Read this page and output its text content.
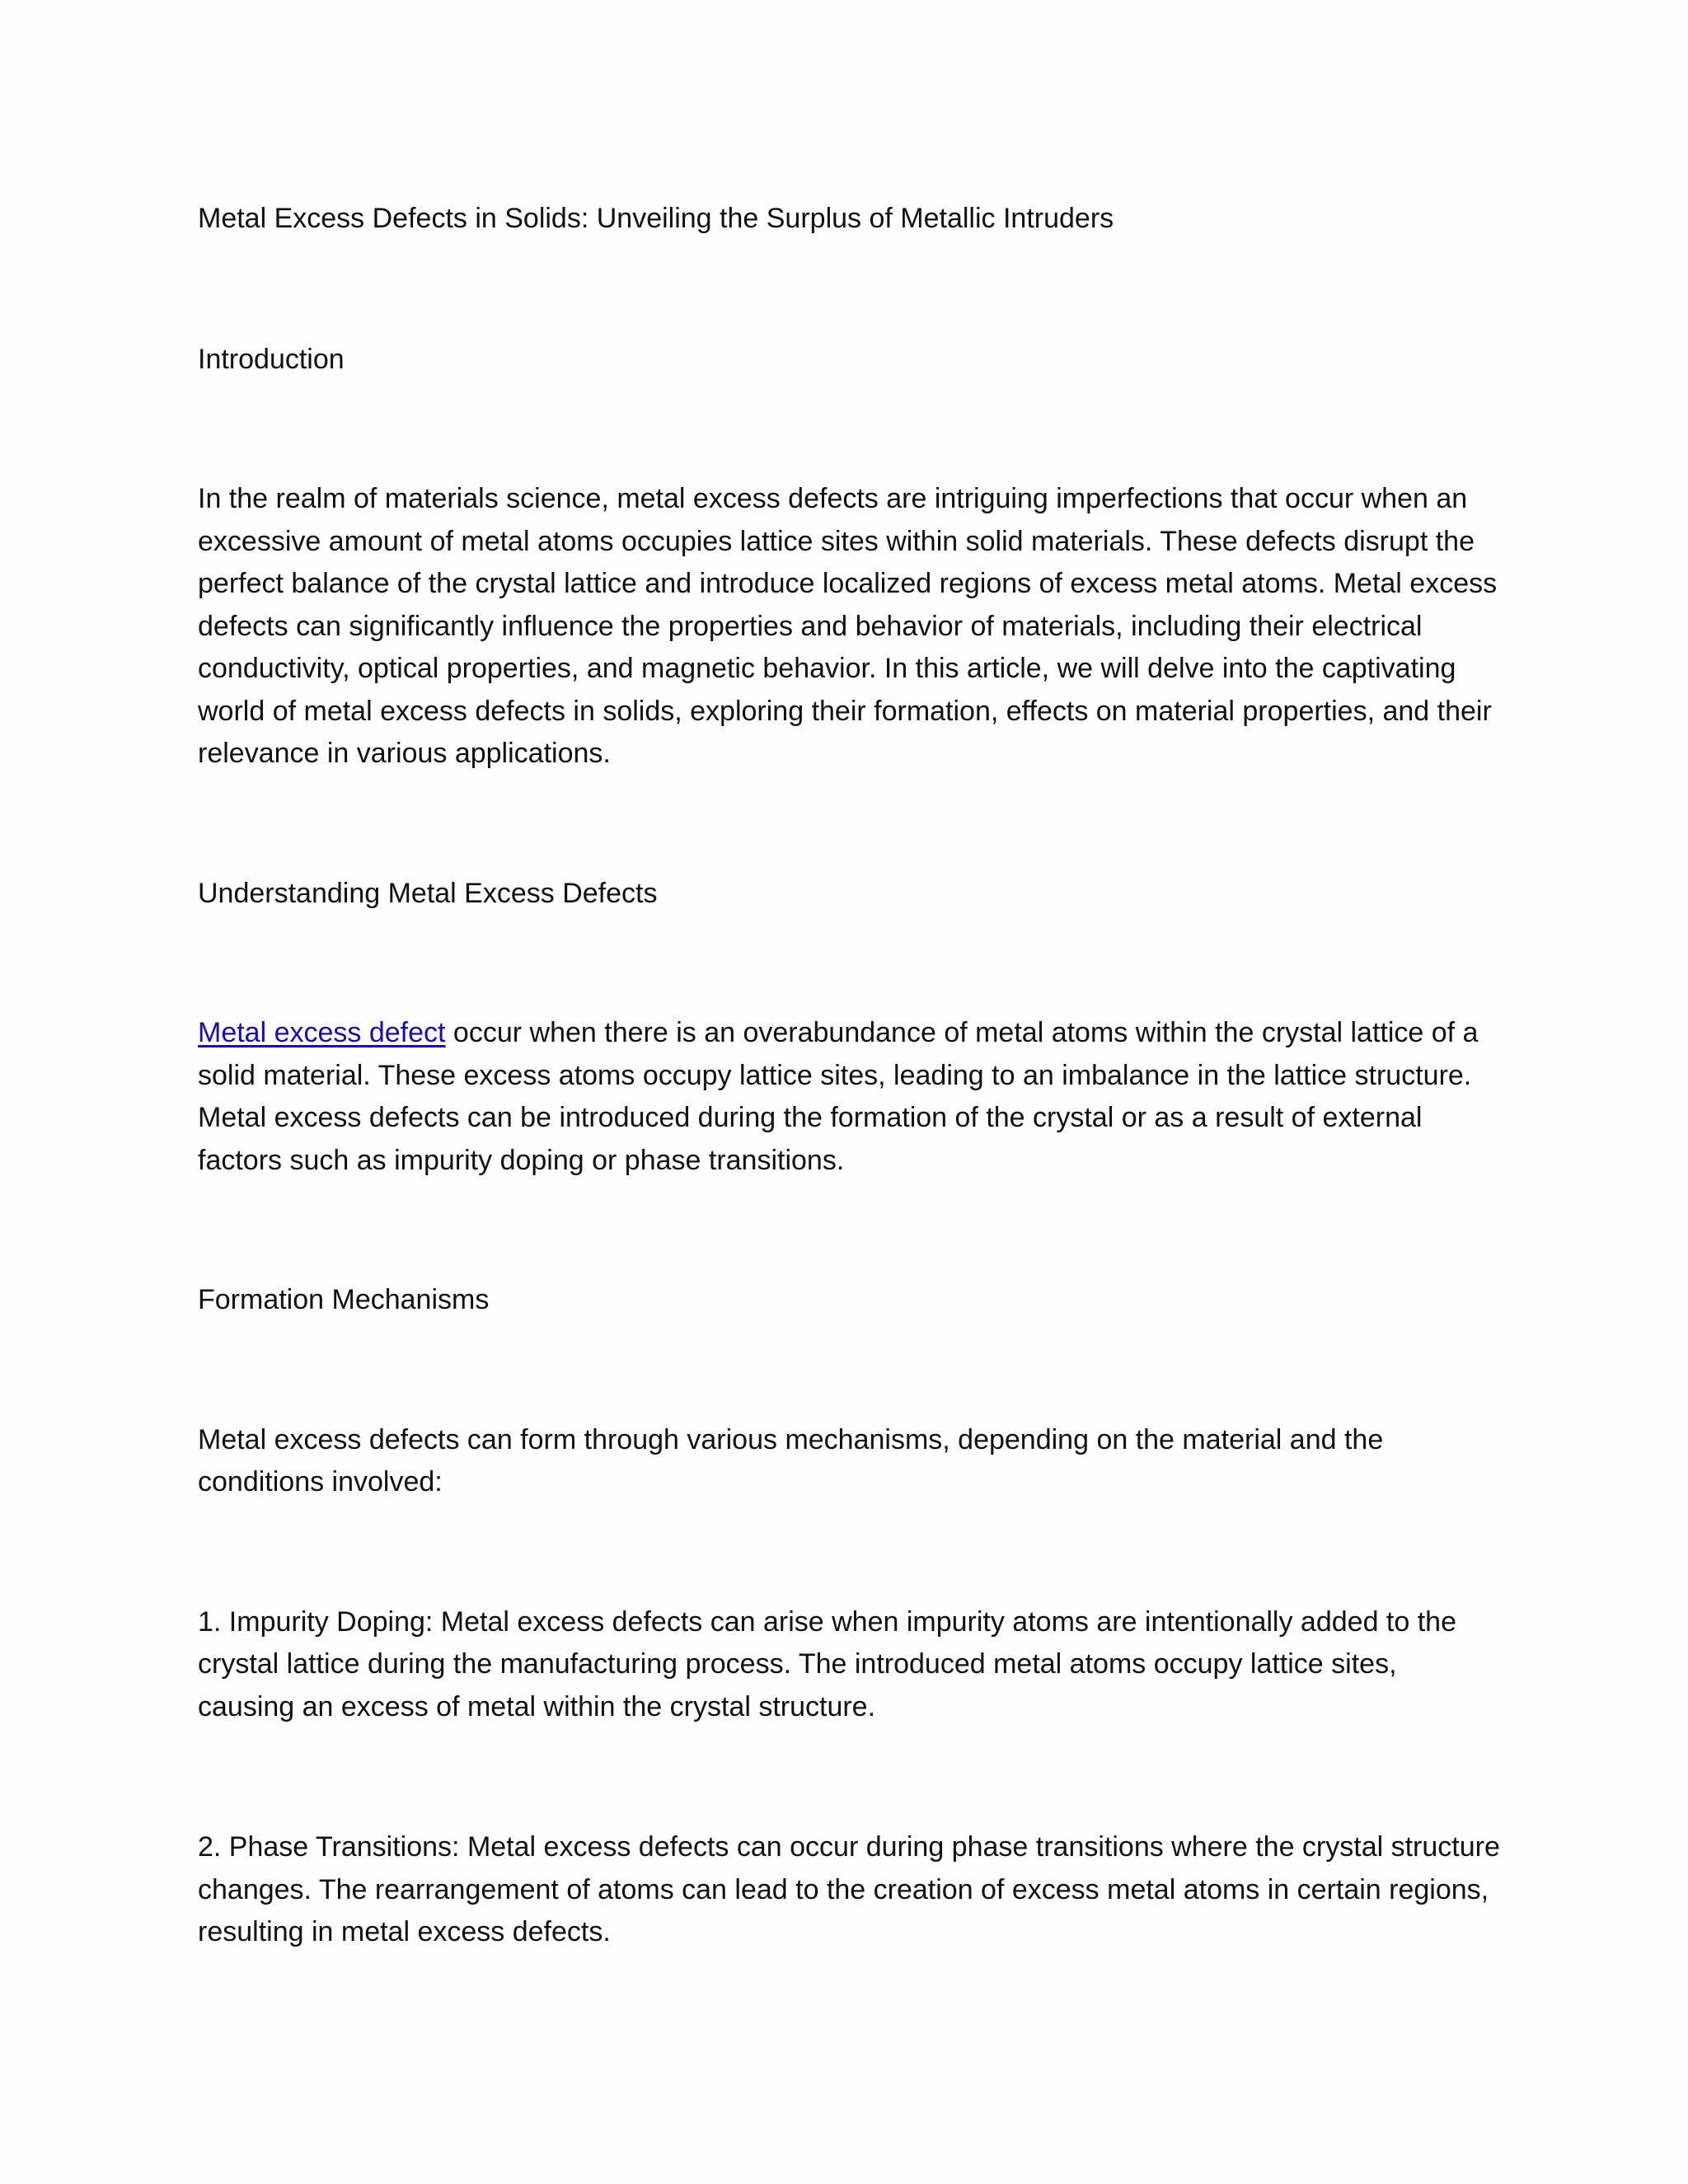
Metal Excess Defects in Solids: Unveiling the Surplus of Metallic Intruders

Introduction

In the realm of materials science, metal excess defects are intriguing imperfections that occur when an excessive amount of metal atoms occupies lattice sites within solid materials. These defects disrupt the perfect balance of the crystal lattice and introduce localized regions of excess metal atoms. Metal excess defects can significantly influence the properties and behavior of materials, including their electrical conductivity, optical properties, and magnetic behavior. In this article, we will delve into the captivating world of metal excess defects in solids, exploring their formation, effects on material properties, and their relevance in various applications.

Understanding Metal Excess Defects

Metal excess defect occur when there is an overabundance of metal atoms within the crystal lattice of a solid material. These excess atoms occupy lattice sites, leading to an imbalance in the lattice structure. Metal excess defects can be introduced during the formation of the crystal or as a result of external factors such as impurity doping or phase transitions.

Formation Mechanisms

Metal excess defects can form through various mechanisms, depending on the material and the conditions involved:

1. Impurity Doping: Metal excess defects can arise when impurity atoms are intentionally added to the crystal lattice during the manufacturing process. The introduced metal atoms occupy lattice sites, causing an excess of metal within the crystal structure.

2. Phase Transitions: Metal excess defects can occur during phase transitions where the crystal structure changes. The rearrangement of atoms can lead to the creation of excess metal atoms in certain regions, resulting in metal excess defects.
